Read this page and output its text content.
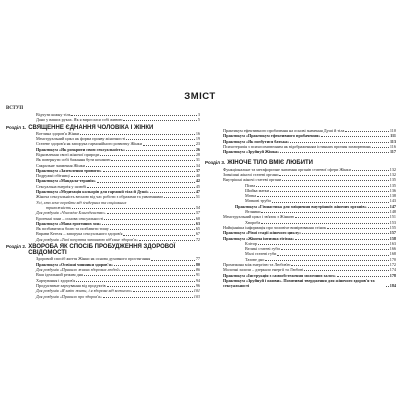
ЗМІСТ
ВСТУП
Відчути кожну тіль	3
Дано у ваших руках. Як я вирослася собі живою	5
Розділ 1. СВЯЩЕННЕ ЄДНАННЯ ЧОЛОВІКА І ЖІНКИ
Вотчина здоров'я Жінки	16
Менструальний цикл як форма прояву жіночності	19
Статеве здоров'я як запорука гармонійного розвитку Жінки	23
Практикум «Як розкрити свою сексуальність»	26
Відновлення своєї жіночої природи	28
Як повернути собі бажання бути коханою	31
Сакральне знамення Жінки	34
Практикум «Заземлення тривоги»	37
Подружні обітниці	40
Практикум «Мандала-терапія»	42
Сексуальна енергія у шлюбі	45
Практикум «Медитація кольорів для гармонії тіла й Душі»	47
Жіноча сексуальність весною від час роботи з образами та уявленнями	51
Усі, хто хоче перейти від ґендерних та соціальних
тривожність	54
Для роздумів «Чоловіче Благоденство»	57
Ерогенні зони – основа сексуальності	60
Практикум «Мапа ерогенних зон»	63
Як позбавитися болю та позбавити тишу	65
Вправи Кегеля – запорука сексуального здоров'я	67
Для роздумів «Твої почуття заповнюю від'ємне здоров'я»	72
Розділ 2. ХВОРОБА ЯК СПОСІБ ПРОБУДЖЕННЯ ЗДОРОВОЇ СВІДОМОСТІ
Здоровий спосіб життя Жінки як основа духовного простягання	77
Практикум «Освіжні чинники здоров'я»	80
Для роздумів «Правило живих здорових людей»	86
Ваш ідеальний режим дня	91
Харчування і здоров'я	94
Продуктивне харчування від продуктів	96
Для роздумів «Я вмію жити, і я здорова від кожного»	101
Для роздумів «Правило про здоров'я»	103
Практикум ефективного пробачення на основі значення Душі й тіла	110
Практикум «Практикум ефективного пробачення»	111
Практикум «Як позбутися батька»	113
Психотерапія з психосоматичним як відображенням істинних причин захворювань	116
Практикум «Зруйнуй Жінка»	117
Розділ 3. ЖІНОЧЕ ТІЛО ВМІЄ ЛЮБИТИ
Функціональне та метафоричне значення органів статевої сфери Жінки	132
Зовнішні жіночі статеві органи	132
Внутрішні жіночі статеві органи	135
Піхва	135
Шийка матки	136
Матка	138
Маткові труби	143
Практикум «Гімнастика для зміцнення внутрішніх жіночих органів»	147
Яєчники	148
Менструальний цикл і зв'язок з Жінкою	151
Хвороба	153
Найцінніша інформація про чоловіче вимірювання стінок	155
Практикум «Різні стадії жіночого циклу»	157
Практикум «Жіноча інтимна гігієна»	158
Клітор	163
Великі статеві губи	166
Малі статеві губи	168
Тазове дно	170
Промежина між енергією та Любов'ю	172
Молочні залози – дзеркало енергії та Любові	174
Практикум «Інструкція з самообстеження молочних залоз»	178
Практикум «Зруйнуй і оживи». Позитивні твердження для жіночого здоров'я та сексуальності	184
